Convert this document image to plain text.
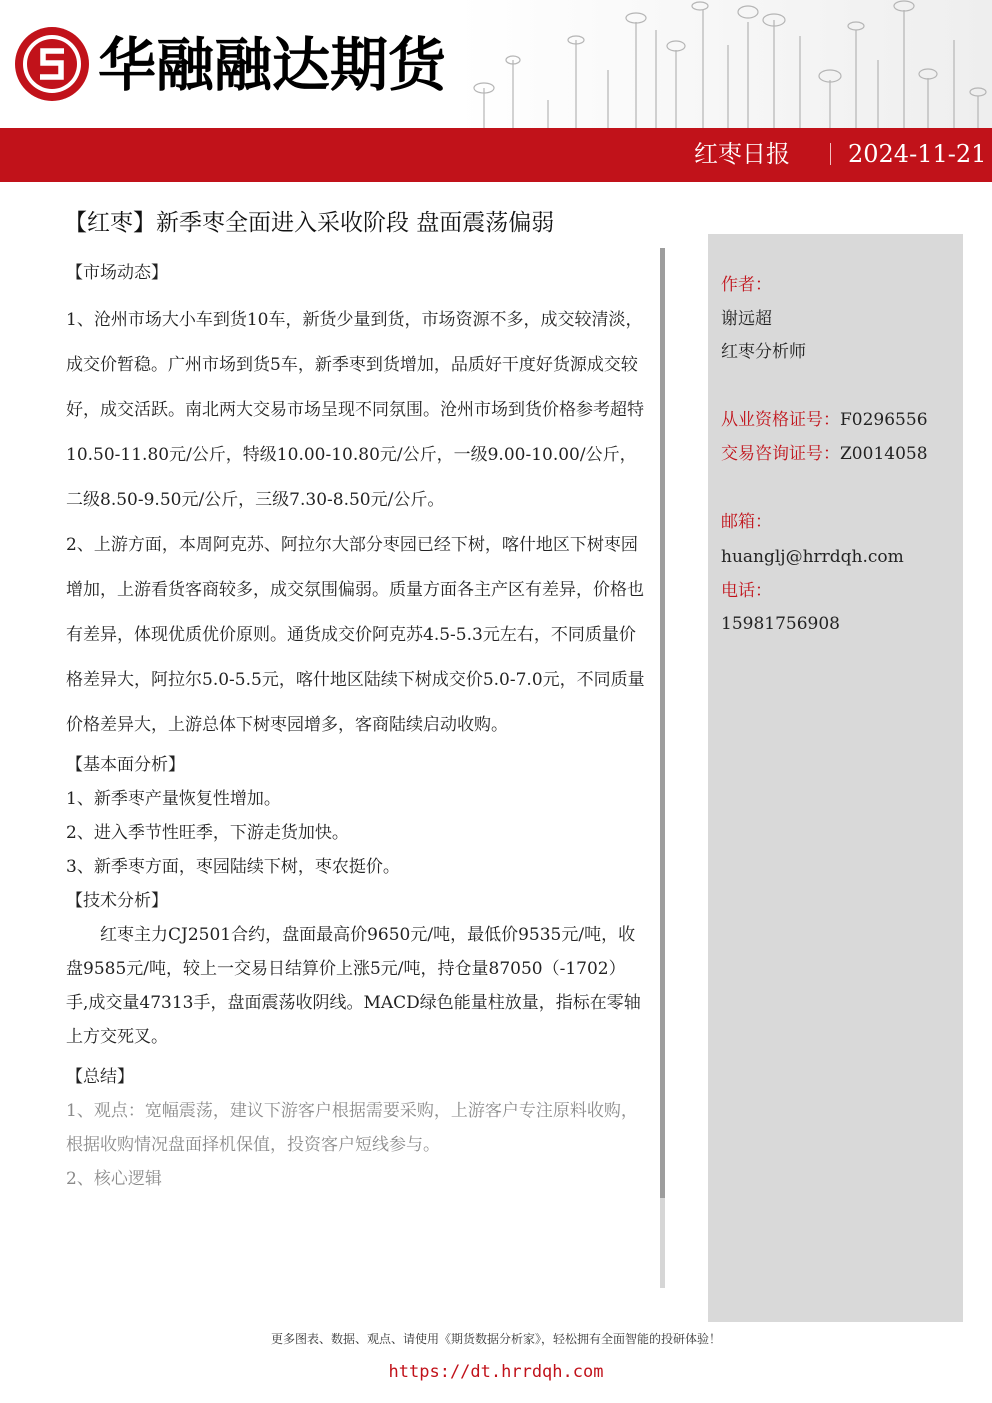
华融融达期货
红枣日报 2024-11-21
【红枣】新季枣全面进入采收阶段 盘面震荡偏弱
【市场动态】

1、沧州市场大小车到货10车，新货少量到货，市场资源不多，成交较清淡，成交价暂稳。广州市场到货5车，新季枣到货增加，品质好干度好货源成交较好，成交活跃。南北两大交易市场呈现不同氛围。沧州市场到货价格参考超特10.50-11.80元/公斤，特级10.00-10.80元/公斤，一级9.00-10.00/公斤，二级8.50-9.50元/公斤，三级7.30-8.50元/公斤。

2、上游方面，本周阿克苏、阿拉尔大部分枣园已经下树，喀什地区下树枣园增加，上游看货客商较多，成交氛围偏弱。质量方面各主产区有差异，价格也有差异，体现优质优价原则。通货成交价阿克苏4.5-5.3元左右，不同质量价格差异大，阿拉尔5.0-5.5元，喀什地区陆续下树成交价5.0-7.0元，不同质量价格差异大，上游总体下树枣园增多，客商陆续启动收购。

【基本面分析】

1、新季枣产量恢复性增加。

2、进入季节性旺季，下游走货加快。

3、新季枣方面，枣园陆续下树，枣农挺价。

【技术分析】

红枣主力CJ2501合约，盘面最高价9650元/吨，最低价9535元/吨，收盘9585元/吨，较上一交易日结算价上涨5元/吨，持仓量87050（-1702）手,成交量47313手，盘面震荡收阴线。MACD绿色能量柱放量，指标在零轴上方交死叉。

【总结】

1、观点：宽幅震荡，建议下游客户根据需要采购，上游客户专注原料收购，根据收购情况盘面择机保值，投资客户短线参与。

2、核心逻辑

作者：
谢远超
红枣分析师
从业资格证号：F0296556
交易咨询证号：Z0014058
邮箱：
huanglj@hrrdqh.com
电话：
15981756908
更多图表、数据、观点、请使用《期货数据分析家》，轻松拥有全面智能的投研体验！
https://dt.hrrdqh.com
